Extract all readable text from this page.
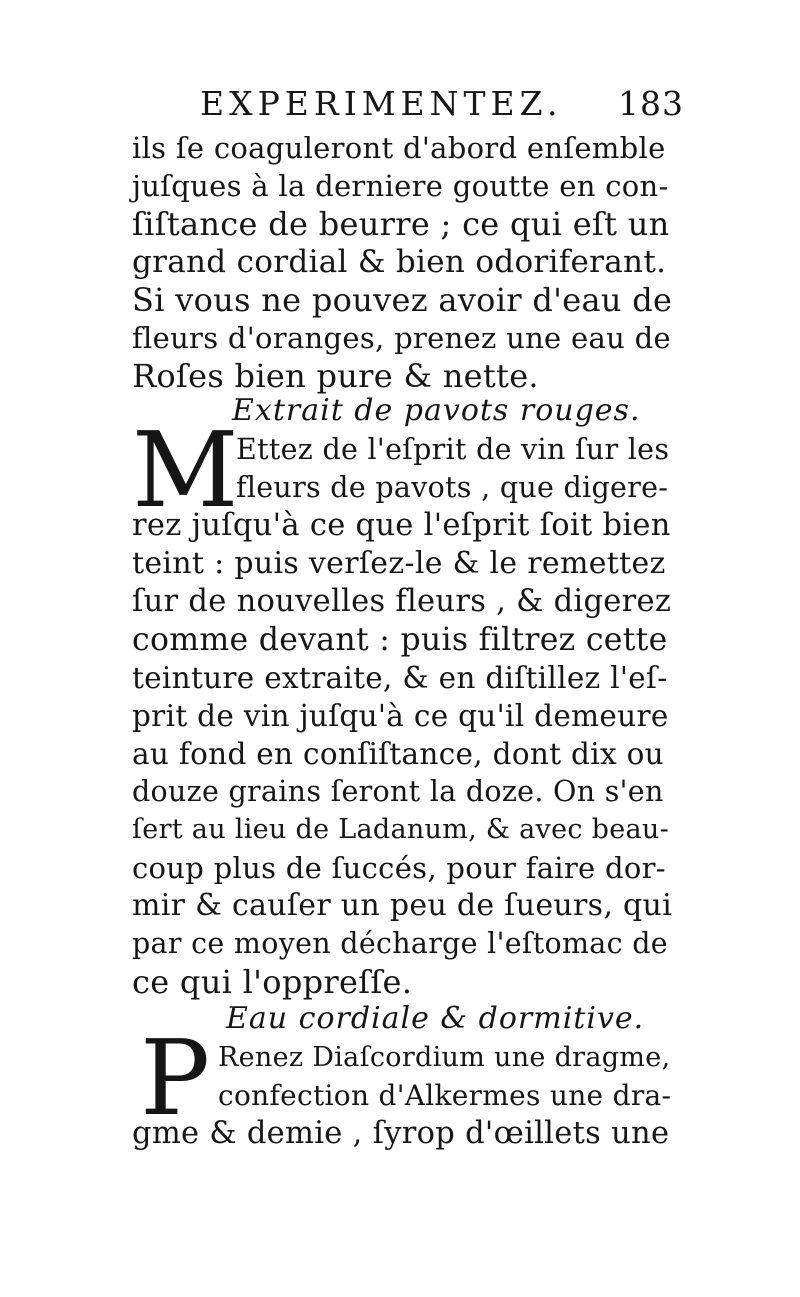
EXPERIMENTEZ. 183
ils ſe coaguleront d'abord enſemble
juſques à la derniere goutte en con-
ſiſtance de beurre ; ce qui eſt un
grand cordial & bien odoriferant.
Si vous ne pouvez avoir d'eau de
fleurs d'oranges, prenez une eau de
Roſes bien pure & nette.
Extrait de pavots rouges.
M
Ettez de l'eſprit de vin ſur les
fleurs de pavots , que digere-
rez juſqu'à ce que l'eſprit ſoit bien
teint : puis verſez-le & le remettez
ſur de nouvelles fleurs , & digerez
comme devant : puis filtrez cette
teinture extraite, & en diſtillez l'eſ-
prit de vin juſqu'à ce qu'il demeure
au fond en conſiſtance, dont dix ou
douze grains ſeront la doze. On s'en
ſert au lieu de Ladanum, & avec beau-
coup plus de ſuccés, pour faire dor-
mir & cauſer un peu de ſueurs, qui
par ce moyen décharge l'eſtomac de
ce qui l'oppreſſe.
Eau cordiale & dormitive.
P Renez Diaſcordium une dragme,
confection d'Alkermes une dra-
gme & demie , ſyrop d'œillets une
